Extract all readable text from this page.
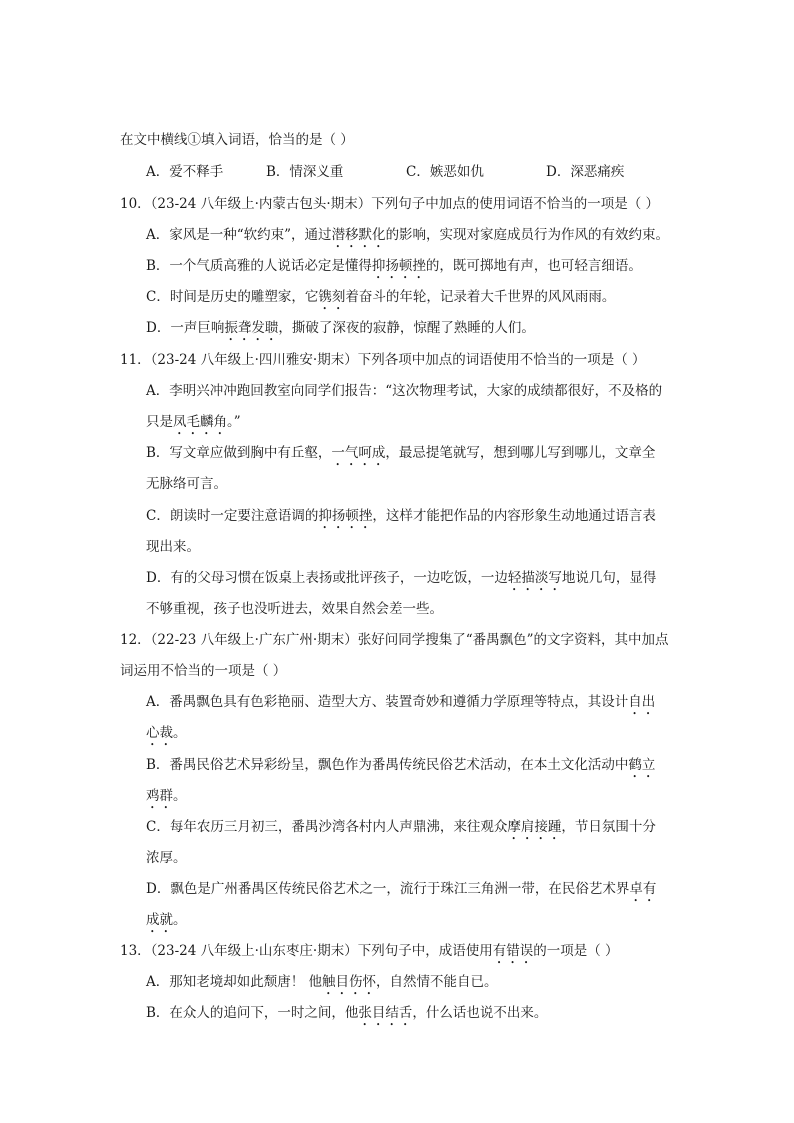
在文中横线①填入词语，恰当的是（ ）
A．爱不释手	B．情深义重	C．嫉恶如仇	D．深恶痛疾
10．（23-24 八年级上·内蒙古包头·期末）下列句子中加点的使用词语不恰当的一项是（ ）
A．家风是一种“软约束”，通过潜移默化的影响，实现对家庭成员行为作风的有效约束。
B．一个气质高雅的人说话必定是懂得抑扬顿挫的，既可掷地有声，也可轻言细语。
C．时间是历史的雕塑家，它镌刻着奋斗的年轮，记录着大千世界的风风雨雨。
D．一声巨响振聋发聩，撕破了深夜的寂静，惊醒了熟睡的人们。
11．（23-24 八年级上·四川雅安·期末）下列各项中加点的词语使用不恰当的一项是（ ）
A．李明兴冲冲跑回教室向同学们报告：“这次物理考试，大家的成绩都很好，不及格的
只是凤毛麟角。”
B．写文章应做到胸中有丘壑，一气呵成，最忌提笔就写，想到哪儿写到哪儿，文章全
无脉络可言。
C．朗读时一定要注意语调的抑扬顿挫，这样才能把作品的内容形象生动地通过语言表
现出来。
D．有的父母习惯在饭桌上表扬或批评孩子，一边吃饭，一边轻描淡写地说几句，显得
不够重视，孩子也没听进去，效果自然会差一些。
12．（22-23 八年级上·广东广州·期末）张好问同学搜集了“番禺飘色”的文字资料，其中加点
词运用不恰当的一项是（ ）
A．番禺飘色具有色彩艳丽、造型大方、装置奇妙和遵循力学原理等特点，其设计自出
心裁。
B．番禺民俗艺术异彩纷呈，飘色作为番禺传统民俗艺术活动，在本土文化活动中鹤立
鸡群。
C．每年农历三月初三，番禺沙湾各村内人声鼎沸，来往观众摩肩接踵，节日氛围十分
浓厚。
D．飘色是广州番禺区传统民俗艺术之一，流行于珠江三角洲一带，在民俗艺术界卓有
成就。
13．（23-24 八年级上·山东枣庄·期末）下列句子中，成语使用有错误的一项是（ ）
A．那知老境却如此颓唐！ 他触目伤怀，自然情不能自已。
B．在众人的追问下，一时之间，他张目结舌，什么话也说不出来。
